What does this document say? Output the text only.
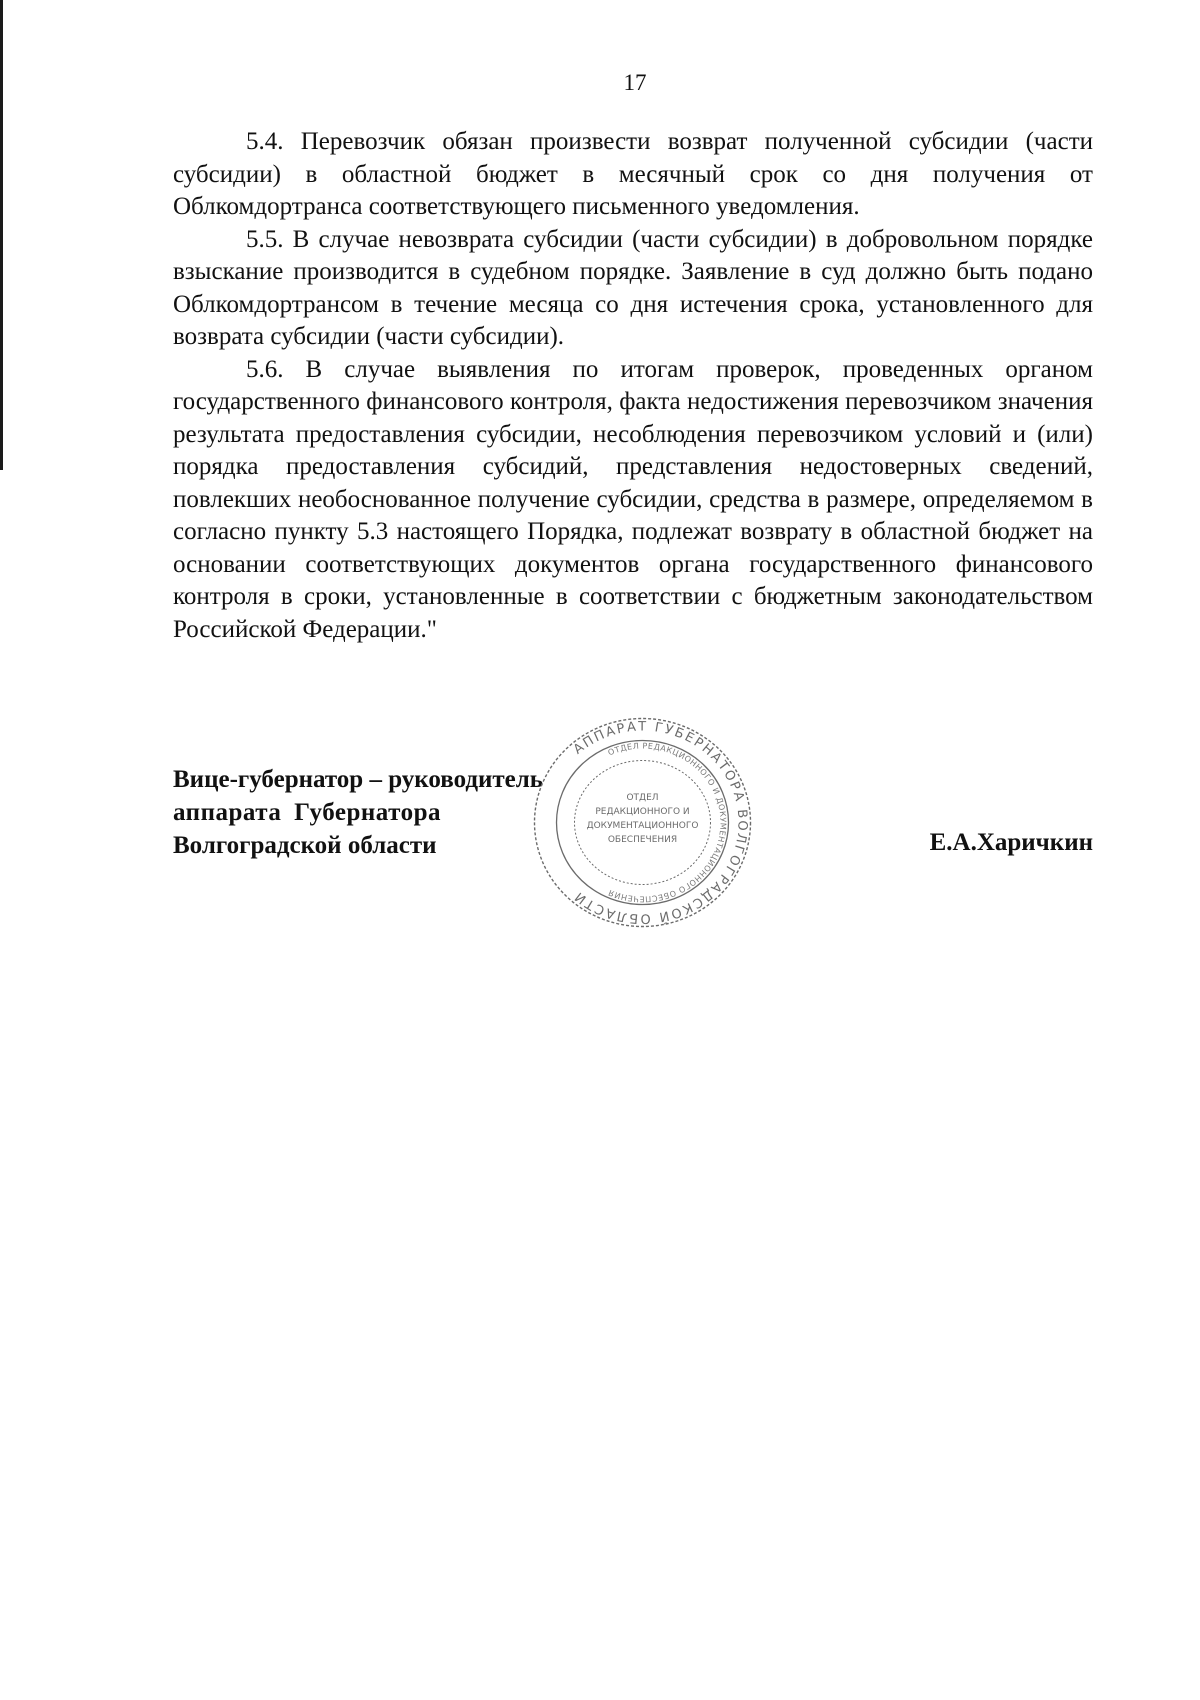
17

5.4. Перевозчик обязан произвести возврат полученной субсидии (части субсидии) в областной бюджет в месячный срок со дня получения от Облкомдортранса соответствующего письменного уведомления.

5.5. В случае невозврата субсидии (части субсидии) в добровольном порядке взыскание производится в судебном порядке. Заявление в суд должно быть подано Облкомдортрансом в течение месяца со дня истечения срока, установленного для возврата субсидии (части субсидии).

5.6. В случае выявления по итогам проверок, проведенных органом государственного финансового контроля, факта недостижения перевозчиком значения результата предоставления субсидии, несоблюдения перевозчиком условий и (или) порядка предоставления субсидий, представления недостоверных сведений, повлекших необоснованное получение субсидии, средства в размере, определяемом в согласно пункту 5.3 настоящего Порядка, подлежат возврату в областной бюджет на основании соответствующих документов органа государственного финансового контроля в сроки, установленные в соответствии с бюджетным законодательством Российской Федерации."

Вице-губернатор – руководитель
аппарата Губернатора
Волгоградской области	Е.А.Харичкин
АППАРАТ ГУБЕРНАТОРА ВОЛГОГРАДСКОЙ ОБЛАСТИ
ОТДЕЛ РЕДАКЦИОННОГО И ДОКУМЕНТАЦИОННОГО ОБЕСПЕЧЕНИЯ
ОТДЕЛ
РЕДАКЦИОННОГО И
ДОКУМЕНТАЦИОННОГО
ОБЕСПЕЧЕНИЯ
